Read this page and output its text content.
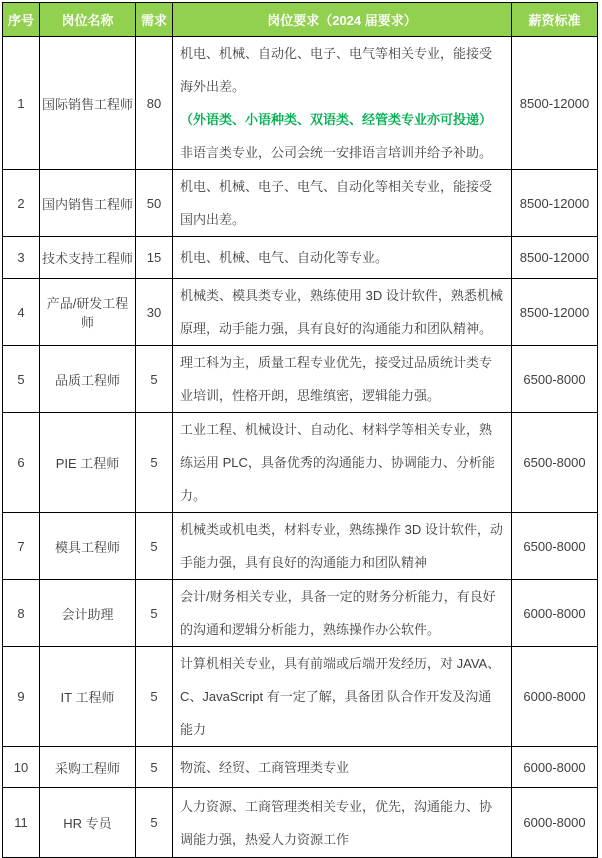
序号	岗位名称	需求	岗位要求（2024 届要求）	薪资标准
1	国际销售工程师	80	机电、机械、自动化、电子、电气等相关专业，能接受海外出差。
（外语类、小语种类、双语类、经管类专业亦可投递）
非语言类专业，公司会统一安排语言培训并给予补助。	8500-12000
2	国内销售工程师	50	机电、机械、电子、电气、自动化等相关专业，能接受国内出差。	8500-12000
3	技术支持工程师	15	机电、机械、电气、自动化等专业。	8500-12000
4	产品/研发工程师	30	机械类、模具类专业，熟练使用 3D 设计软件，熟悉机械原理，动手能力强，具有良好的沟通能力和团队精神。	8500-12000
5	品质工程师	5	理工科为主，质量工程专业优先，接受过品质统计类专业培训，性格开朗，思维缜密，逻辑能力强。	6500-8000
6	PIE 工程师	5	工业工程、机械设计、自动化、材料学等相关专业，熟练运用 PLC，具备优秀的沟通能力、协调能力、分析能力。	6500-8000
7	模具工程师	5	机械类或机电类，材料专业，熟练操作 3D 设计软件，动手能力强，具有良好的沟通能力和团队精神	6500-8000
8	会计助理	5	会计/财务相关专业，具备一定的财务分析能力，有良好的沟通和逻辑分析能力，熟练操作办公软件。	6000-8000
9	IT 工程师	5	计算机相关专业，具有前端或后端开发经历，对 JAVA、C、JavaScript 有一定了解，具备团 队合作开发及沟通能力	6000-8000
10	采购工程师	5	物流、经贸、工商管理类专业	6000-8000
11	HR 专员	5	人力资源、工商管理类相关专业，优先，沟通能力、协调能力强，热爱人力资源工作	6000-8000
